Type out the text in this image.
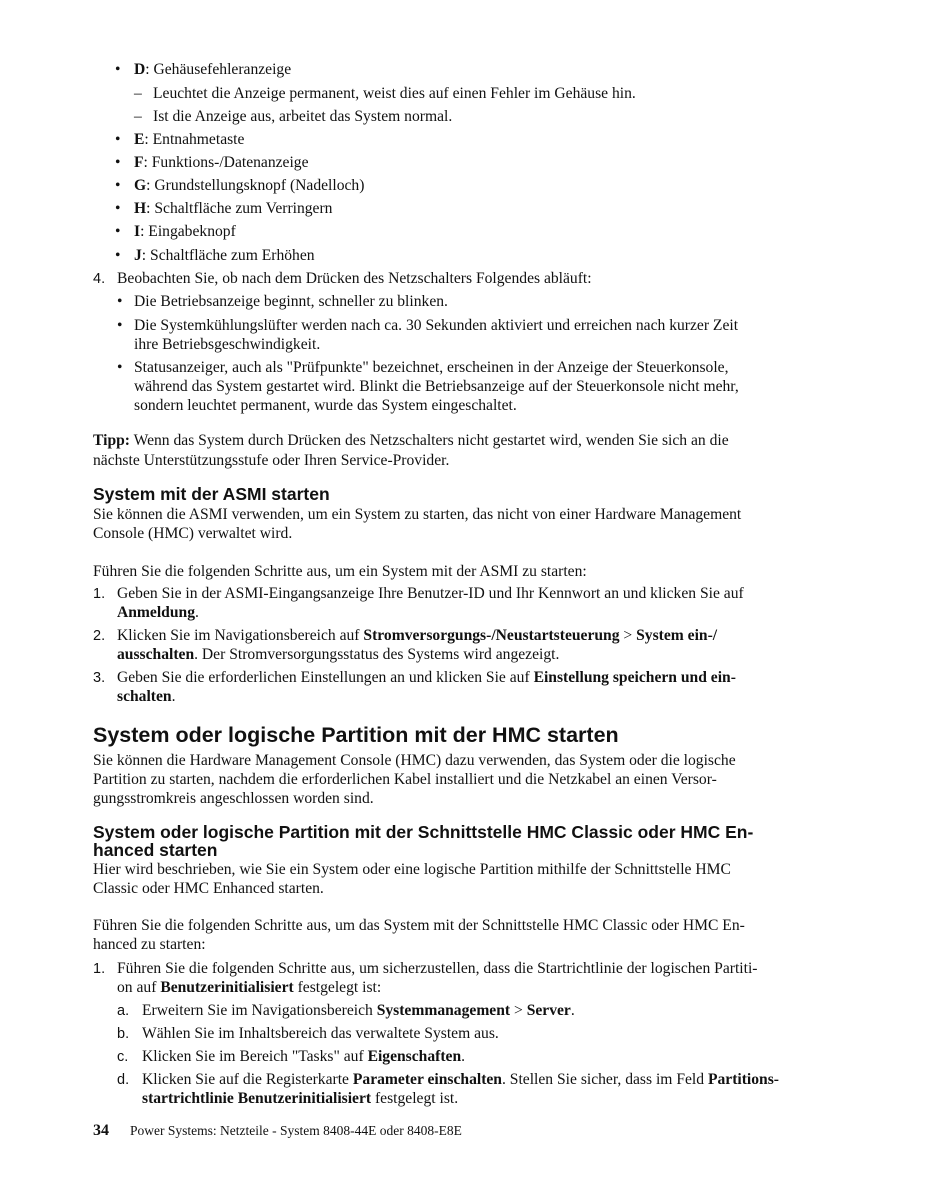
• D: Gehäusefehleranzeige
– Leuchtet die Anzeige permanent, weist dies auf einen Fehler im Gehäuse hin.
– Ist die Anzeige aus, arbeitet das System normal.
• E: Entnahmetaste
• F: Funktions-/Datenanzeige
• G: Grundstellungsknopf (Nadelloch)
• H: Schaltfläche zum Verringern
• I: Eingabeknopf
• J: Schaltfläche zum Erhöhen
4. Beobachten Sie, ob nach dem Drücken des Netzschalters Folgendes abläuft:
• Die Betriebsanzeige beginnt, schneller zu blinken.
• Die Systemkühlungslüfter werden nach ca. 30 Sekunden aktiviert und erreichen nach kurzer Zeit
ihre Betriebsgeschwindigkeit.
• Statusanzeiger, auch als "Prüfpunkte" bezeichnet, erscheinen in der Anzeige der Steuerkonsole,
während das System gestartet wird. Blinkt die Betriebsanzeige auf der Steuerkonsole nicht mehr,
sondern leuchtet permanent, wurde das System eingeschaltet.
Tipp: Wenn das System durch Drücken des Netzschalters nicht gestartet wird, wenden Sie sich an die
nächste Unterstützungsstufe oder Ihren Service-Provider.
System mit der ASMI starten
Sie können die ASMI verwenden, um ein System zu starten, das nicht von einer Hardware Management
Console (HMC) verwaltet wird.
Führen Sie die folgenden Schritte aus, um ein System mit der ASMI zu starten:
1. Geben Sie in der ASMI-Eingangsanzeige Ihre Benutzer-ID und Ihr Kennwort an und klicken Sie auf
Anmeldung.
2. Klicken Sie im Navigationsbereich auf Stromversorgungs-/Neustartsteuerung > System ein-/
ausschalten. Der Stromversorgungsstatus des Systems wird angezeigt.
3. Geben Sie die erforderlichen Einstellungen an und klicken Sie auf Einstellung speichern und ein-
schalten.
System oder logische Partition mit der HMC starten
Sie können die Hardware Management Console (HMC) dazu verwenden, das System oder die logische
Partition zu starten, nachdem die erforderlichen Kabel installiert und die Netzkabel an einen Versor-
gungsstromkreis angeschlossen worden sind.
System oder logische Partition mit der Schnittstelle HMC Classic oder HMC En-
hanced starten
Hier wird beschrieben, wie Sie ein System oder eine logische Partition mithilfe der Schnittstelle HMC
Classic oder HMC Enhanced starten.
Führen Sie die folgenden Schritte aus, um das System mit der Schnittstelle HMC Classic oder HMC En-
hanced zu starten:
1. Führen Sie die folgenden Schritte aus, um sicherzustellen, dass die Startrichtlinie der logischen Partiti-
on auf Benutzerinitialisiert festgelegt ist:
a. Erweitern Sie im Navigationsbereich Systemmanagement > Server.
b. Wählen Sie im Inhaltsbereich das verwaltete System aus.
c. Klicken Sie im Bereich "Tasks" auf Eigenschaften.
d. Klicken Sie auf die Registerkarte Parameter einschalten. Stellen Sie sicher, dass im Feld Partitions-
startrichtlinie Benutzerinitialisiert festgelegt ist.
34 Power Systems: Netzteile - System 8408-44E oder 8408-E8E
